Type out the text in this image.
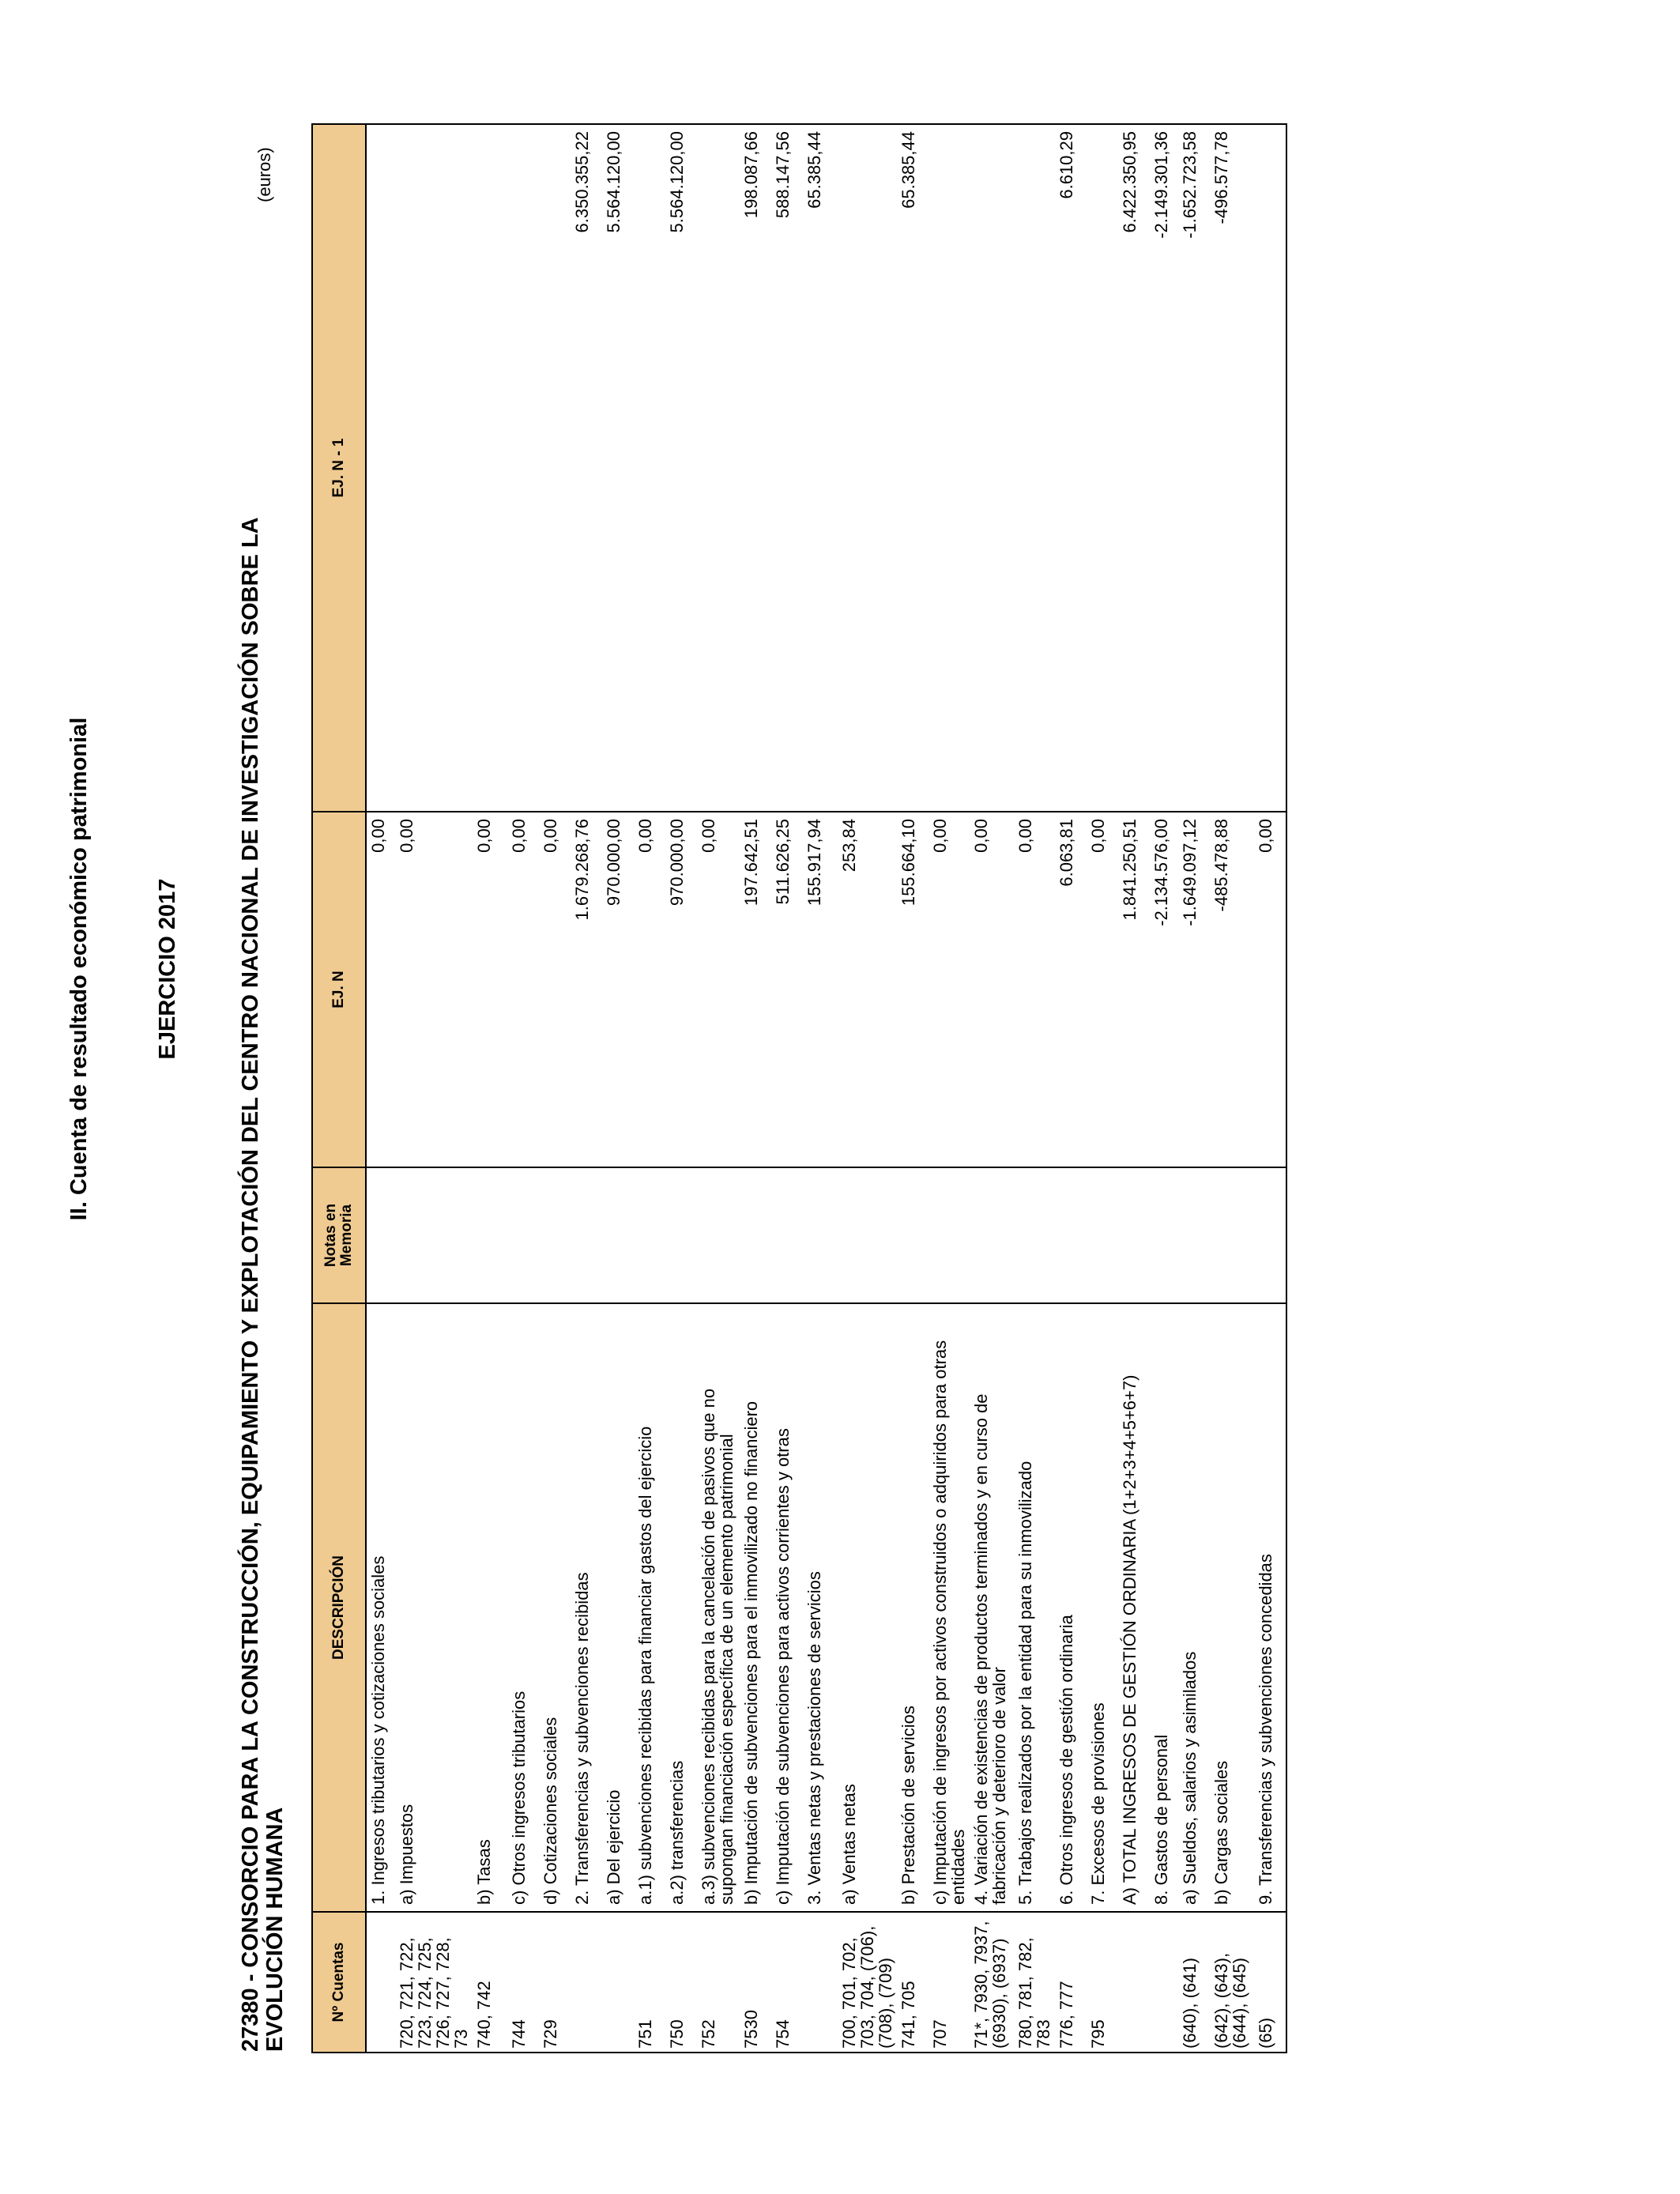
II. Cuenta de resultado económico patrimonial	EJERCICIO 2017	27380 - CONSORCIO PARA LA CONSTRUCCIÓN, EQUIPAMIENTO Y EXPLOTACIÓN DEL CENTRO NACIONAL DE INVESTIGACIÓN SOBRE LA EVOLUCIÓN HUMANA
(euros)
Nº Cuentas	DESCRIPCIÓN	Notas en Memoria	EJ. N	EJ. N - 1
	1. Ingresos tributarios y cotizaciones sociales		0,00	
720, 721, 722, 723, 724, 725, 726, 727, 728, 73	a) Impuestos		0,00	
740, 742	b) Tasas		0,00	
744	c) Otros ingresos tributarios		0,00	
729	d) Cotizaciones sociales		0,00	
	2. Transferencias y subvenciones recibidas		1.679.268,76	6.350.355,22
	a) Del ejercicio		970.000,00	5.564.120,00
751	a.1) subvenciones recibidas para financiar gastos del ejercicio		0,00	
750	a.2) transferencias		970.000,00	5.564.120,00
752	a.3) subvenciones recibidas para la cancelación de pasivos que no supongan financiación específica de un elemento patrimonial		0,00	
7530	b) Imputación de subvenciones para el inmovilizado no financiero		197.642,51	198.087,66
754	c) Imputación de subvenciones para activos corrientes y otras		511.626,25	588.147,56
	3. Ventas netas y prestaciones de servicios		155.917,94	65.385,44
700, 701, 702, 703, 704, (706), (708), (709)	a) Ventas netas		253,84	
741, 705	b) Prestación de servicios		155.664,10	65.385,44
707	c) Imputación de ingresos por activos construidos o adquiridos para otras entidades		0,00	
71*, 7930, 7937, (6930), (6937)	4. Variación de existencias de productos terminados y en curso de fabricación y deterioro de valor		0,00	
780, 781, 782, 783	5. Trabajos realizados por la entidad para su inmovilizado		0,00	
776, 777	6. Otros ingresos de gestión ordinaria		6.063,81	6.610,29
795	7. Excesos de provisiones		0,00	
	A) TOTAL INGRESOS DE GESTIÓN ORDINARIA (1+2+3+4+5+6+7)		1.841.250,51	6.422.350,95
	8. Gastos de personal		-2.134.576,00	-2.149.301,36
(640), (641)	a) Sueldos, salarios y asimilados		-1.649.097,12	-1.652.723,58
(642), (643), (644), (645)	b) Cargas sociales		-485.478,88	-496.577,78
(65)	9. Transferencias y subvenciones concedidas		0,00	
